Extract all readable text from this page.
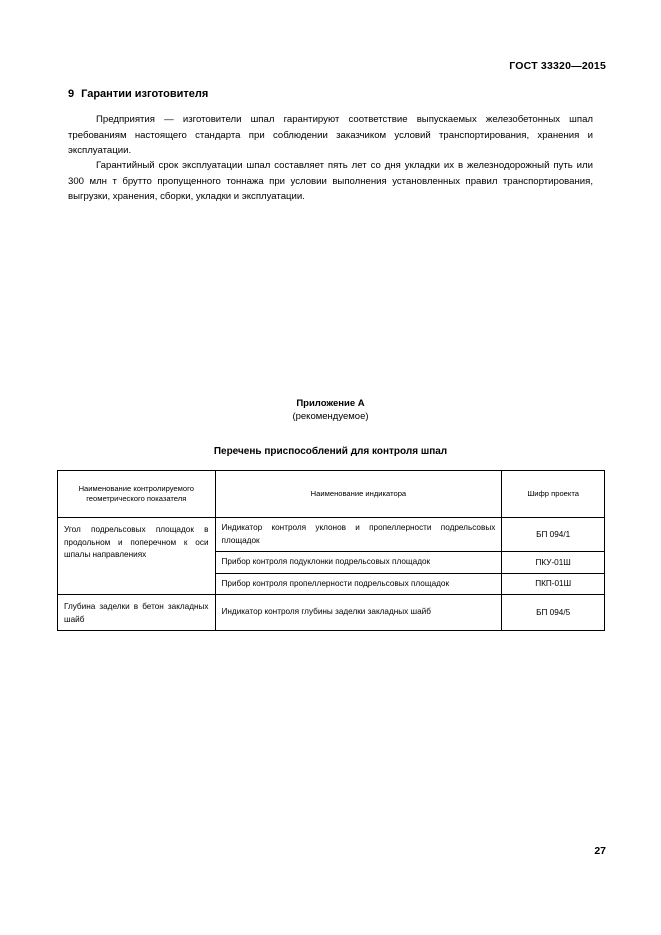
ГОСТ 33320—2015
9 Гарантии изготовителя
Предприятия — изготовители шпал гарантируют соответствие выпускаемых железобетонных шпал требованиям настоящего стандарта при соблюдении заказчиком условий транспортирования, хранения и эксплуатации.
Гарантийный срок эксплуатации шпал составляет пять лет со дня укладки их в железнодорожный путь или 300 млн т брутто пропущенного тоннажа при условии выполнения установленных правил транспортирования, выгрузки, хранения, сборки, укладки и эксплуатации.
Приложение А
(рекомендуемое)
Перечень приспособлений для контроля шпал
Наименование контролируемого геометрического показателя	Наименование индикатора	Шифр проекта
Угол подрельсовых площадок в продольном и поперечном к оси шпалы направлениях	Индикатор контроля уклонов и пропеллерности подрельсовых площадок	БП 094/1
	Прибор контроля подуклонки подрельсовых площадок	ПКУ-01Ш
	Прибор контроля пропеллерности подрельсовых площадок	ПКП-01Ш
Глубина заделки в бетон закладных шайб	Индикатор контроля глубины заделки закладных шайб	БП 094/5
27
